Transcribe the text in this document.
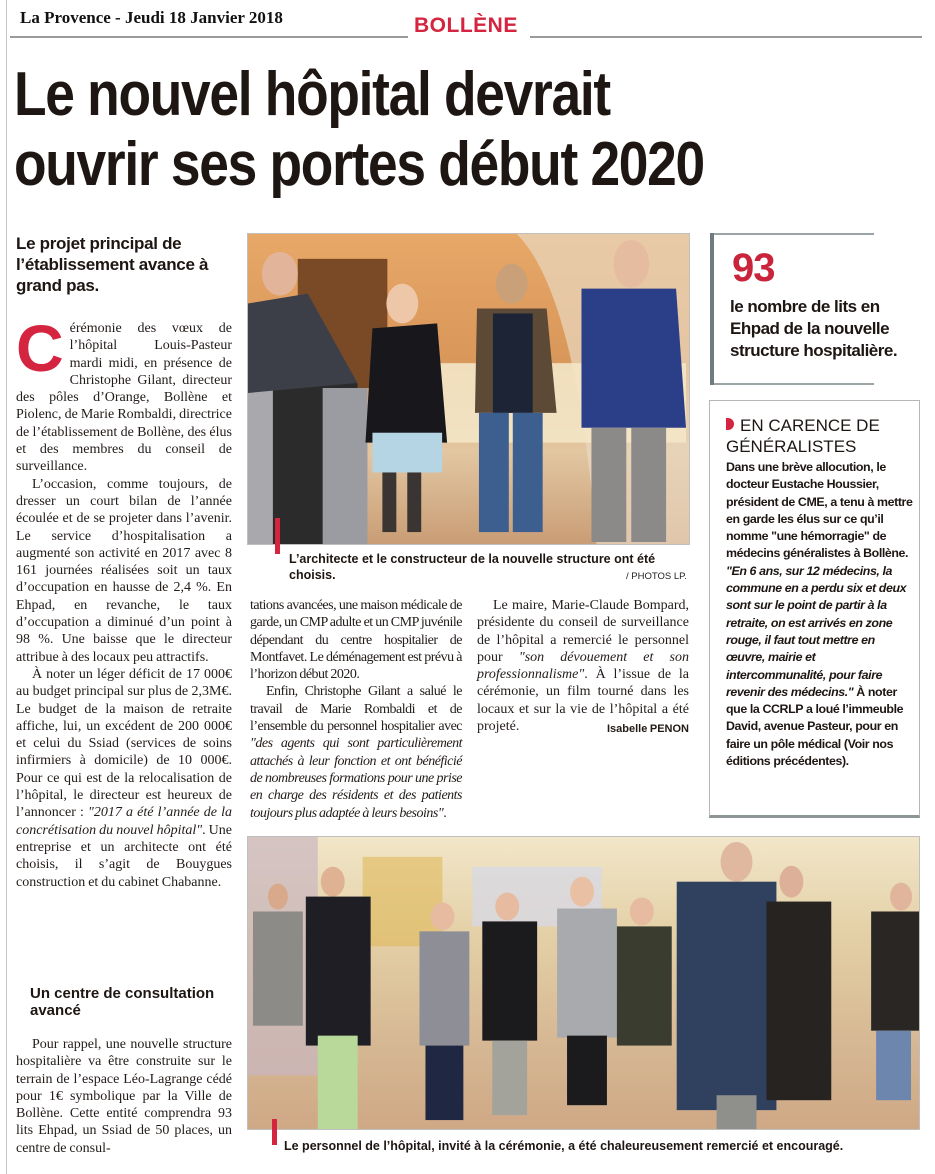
La Provence - Jeudi 18 Janvier 2018	BOLLÈNE
Le nouvel hôpital devrait
ouvrir ses portes début 2020
Le projet principal de l’établissement avance à grand pas.

Cérémonie des vœux de l’hôpital Louis-Pasteur mardi midi, en présence de Christophe Gilant, directeur des pôles d’Orange, Bollène et Piolenc, de Marie Rombaldi, directrice de l’établissement de Bollène, des élus et des membres du conseil de surveillance.

L’occasion, comme toujours, de dresser un court bilan de l’année écoulée et de se projeter dans l’avenir. Le service d’hospitalisation a augmenté son activité en 2017 avec 8 161 journées réalisées soit un taux d’occupation en hausse de 2,4 %. En Ehpad, en revanche, le taux d’occupation a diminué d’un point à 98 %. Une baisse que le directeur attribue à des locaux peu attractifs.

À noter un léger déficit de 17 000€ au budget principal sur plus de 2,3M€. Le budget de la maison de retraite affiche, lui, un excédent de 200 000€ et celui du Ssiad (services de soins infirmiers à domicile) de 10 000€. Pour ce qui est de la relocalisation de l’hôpital, le directeur est heureux de l’annoncer : "2017 a été l’année de la concrétisation du nouvel hôpital". Une entreprise et un architecte ont été choisis, il s’agit de Bouygues construction et du cabinet Chabanne.

Un centre de consultation avancé

Pour rappel, une nouvelle structure hospitalière va être construite sur le terrain de l’espace Léo-Lagrange cédé pour 1€ symbolique par la Ville de Bollène. Cette entité comprendra 93 lits Ehpad, un Ssiad de 50 places, un centre de consul-

L’architecte et le constructeur de la nouvelle structure ont été choisis.	/ PHOTOS LP.

tations avancées, une maison médicale de garde, un CMP adulte et un CMP juvénile dépendant du centre hospitalier de Montfavet. Le déménagement est prévu à l’horizon début 2020.

Enfin, Christophe Gilant a salué le travail de Marie Rombaldi et de l’ensemble du personnel hospitalier avec "des agents qui sont particulièrement attachés à leur fonction et ont bénéficié de nombreuses formations pour une prise en charge des résidents et des patients toujours plus adaptée à leurs besoins".

Le maire, Marie-Claude Bompard, présidente du conseil de surveillance de l’hôpital a remercié le personnel pour "son dévouement et son professionnalisme". À l’issue de la cérémonie, un film tourné dans les locaux et sur la vie de l’hôpital a été projeté.	Isabelle PENON

93
le nombre de lits en Ehpad de la nouvelle structure hospitalière.
EN CARENCE DE GÉNÉRALISTES
Dans une brève allocution, le docteur Eustache Houssier, président de CME, a tenu à mettre en garde les élus sur ce qu’il nomme "une hémorragie" de médecins généralistes à Bollène. "En 6 ans, sur 12 médecins, la commune en a perdu six et deux sont sur le point de partir à la retraite, on est arrivés en zone rouge, il faut tout mettre en œuvre, mairie et intercommunalité, pour faire revenir des médecins." À noter que la CCRLP a loué l’immeuble David, avenue Pasteur, pour en faire un pôle médical (Voir nos éditions précédentes).
Le personnel de l’hôpital, invité à la cérémonie, a été chaleureusement remercié et encouragé.
